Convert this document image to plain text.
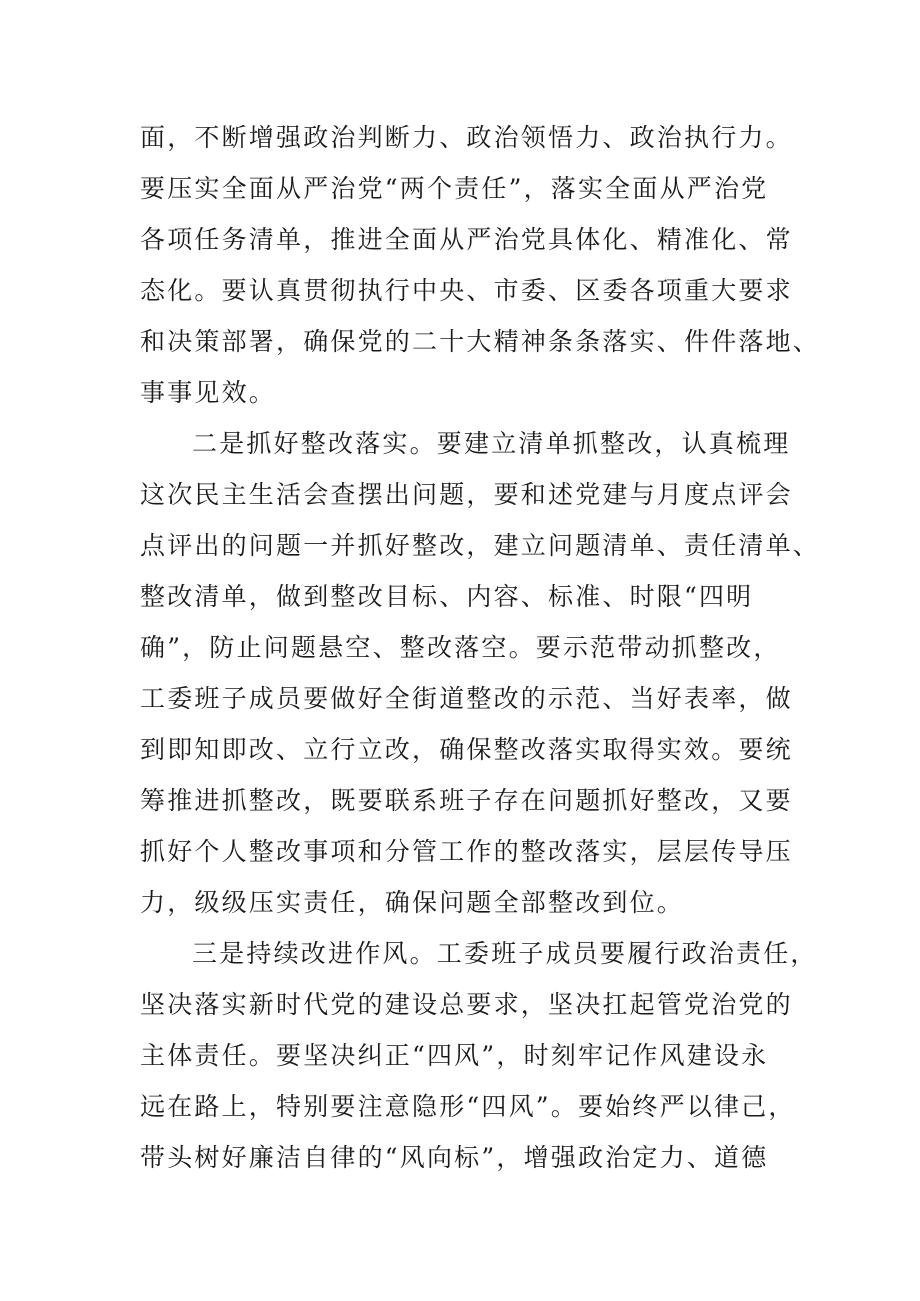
面，不断增强政治判断力、政治领悟力、政治执行力。
要压实全面从严治党“两个责任”，落实全面从严治党
各项任务清单，推进全面从严治党具体化、精准化、常
态化。要认真贯彻执行中央、市委、区委各项重大要求
和决策部署，确保党的二十大精神条条落实、件件落地、
事事见效。
二是抓好整改落实。要建立清单抓整改，认真梳理
这次民主生活会查摆出问题，要和述党建与月度点评会
点评出的问题一并抓好整改，建立问题清单、责任清单、
整改清单，做到整改目标、内容、标准、时限“四明
确”，防止问题悬空、整改落空。要示范带动抓整改，
工委班子成员要做好全街道整改的示范、当好表率，做
到即知即改、立行立改，确保整改落实取得实效。要统
筹推进抓整改，既要联系班子存在问题抓好整改，又要
抓好个人整改事项和分管工作的整改落实，层层传导压
力，级级压实责任，确保问题全部整改到位。
三是持续改进作风。工委班子成员要履行政治责任，
坚决落实新时代党的建设总要求，坚决扛起管党治党的
主体责任。要坚决纠正“四风”，时刻牢记作风建设永
远在路上，特别要注意隐形“四风”。要始终严以律己，
带头树好廉洁自律的“风向标”，增强政治定力、道德
